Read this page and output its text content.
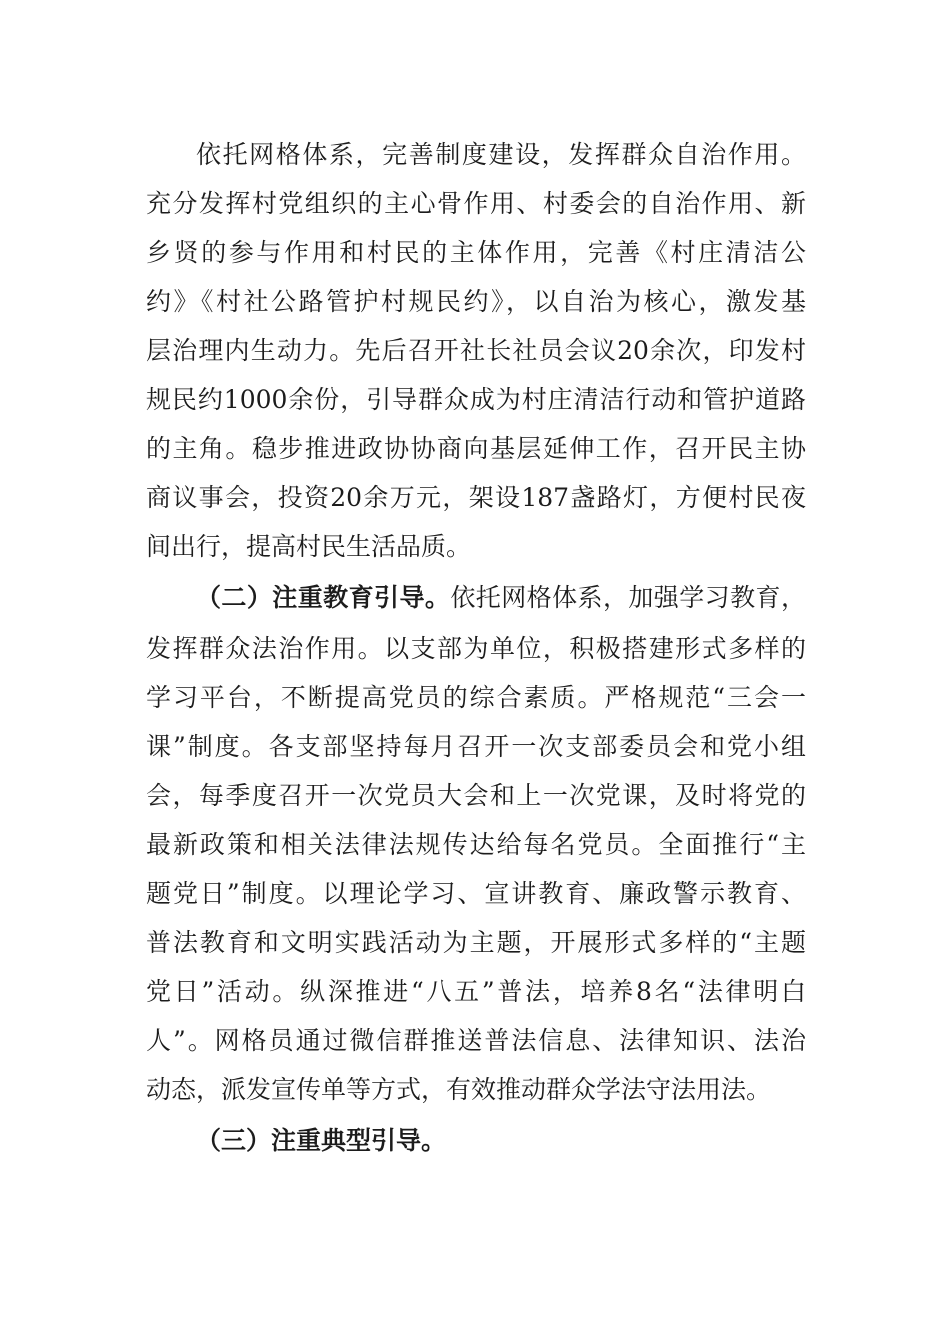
依托网格体系，完善制度建设，发挥群众自治作用。

充分发挥村党组织的主心骨作用、村委会的自治作用、新

乡贤的参与作用和村民的主体作用，完善《村庄清洁公

约》《村社公路管护村规民约》，以自治为核心，激发基

层治理内生动力。先后召开社长社员会议20余次，印发村

规民约1000余份，引导群众成为村庄清洁行动和管护道路

的主角。稳步推进政协协商向基层延伸工作，召开民主协

商议事会，投资20余万元，架设187盏路灯，方便村民夜

间出行，提高村民生活品质。

（二）注重教育引导。依托网格体系，加强学习教育，

发挥群众法治作用。以支部为单位，积极搭建形式多样的

学习平台，不断提高党员的综合素质。严格规范“三会一

课”制度。各支部坚持每月召开一次支部委员会和党小组

会，每季度召开一次党员大会和上一次党课，及时将党的

最新政策和相关法律法规传达给每名党员。全面推行“主

题党日”制度。以理论学习、宣讲教育、廉政警示教育、

普法教育和文明实践活动为主题，开展形式多样的“主题

党日”活动。纵深推进“八五”普法，培养8名“法律明白

人”。网格员通过微信群推送普法信息、法律知识、法治

动态，派发宣传单等方式，有效推动群众学法守法用法。

（三）注重典型引导。
